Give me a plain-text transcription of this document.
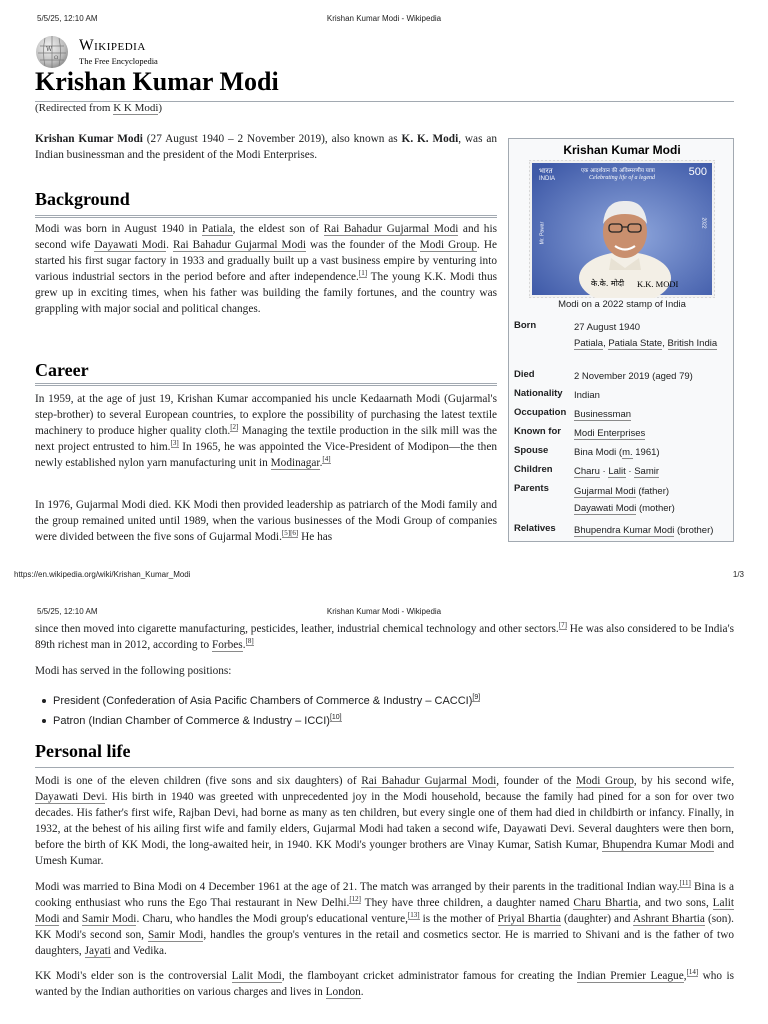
5/5/25, 12:10 AM	Krishan Kumar Modi - Wikipedia
W
Ω
Wikipedia
The Free Encyclopedia
Krishan Kumar Modi
(Redirected from K K Modi)
Krishan Kumar Modi (27 August 1940 – 2 November 2019), also known as K. K. Modi, was an Indian businessman and the president of the Modi Enterprises.
Background
Modi was born in August 1940 in Patiala, the eldest son of Rai Bahadur Gujarmal Modi and his second wife Dayawati Modi. Rai Bahadur Gujarmal Modi was the founder of the Modi Group. He started his first sugar factory in 1933 and gradually built up a vast business empire by venturing into various industrial sectors in the period before and after independence.[1] The young K.K. Modi thus grew up in exciting times, when his father was building the family fortunes, and the country was grappling with major social and political changes.
Career
In 1959, at the age of just 19, Krishan Kumar accompanied his uncle Kedaarnath Modi (Gujarmal's step-brother) to several European countries, to explore the possibility of purchasing the latest textile machinery to produce higher quality cloth.[2] Managing the textile production in the silk mill was the next project entrusted to him.[3] In 1965, he was appointed the Vice-President of Modipon—the then newly established nylon yarn manufacturing unit in Modinagar.[4]
In 1976, Gujarmal Modi died. KK Modi then provided leadership as patriarch of the Modi family and the group remained united until 1989, when the various businesses of the Modi Group of companies were divided between the five sons of Gujarmal Modi.[5][6] He has
Krishan Kumar Modi
भारत
INDIA
एक आदर्शवान की अविस्मरणीय यात्रा
Celebrating life of a legend	500
2022
Mr. Pawar
के.के. मोदी K.K. MODI
Modi on a 2022 stamp of India
Born	27 August 1940
Patiala, Patiala State, British India
Died	2 November 2019 (aged 79)
Nationality	Indian
Occupation Businessman
Known for	Modi Enterprises
Spouse	Bina Modi (m. 1961)
Children	Charu · Lalit · Samir
Parents	Gujarmal Modi (father)
Dayawati Modi (mother)
Relatives	Bhupendra Kumar Modi (brother)
https://en.wikipedia.org/wiki/Krishan_Kumar_Modi	1/3
5/5/25, 12:10 AM	Krishan Kumar Modi - Wikipedia
since then moved into cigarette manufacturing, pesticides, leather, industrial chemical technology and other sectors.[7] He was also considered to be India's 89th richest man in 2012, according to Forbes.[8]
Modi has served in the following positions:
President (Confederation of Asia Pacific Chambers of Commerce & Industry – CACCI)[9]
Patron (Indian Chamber of Commerce & Industry – ICCI)[10]
Personal life
Modi is one of the eleven children (five sons and six daughters) of Rai Bahadur Gujarmal Modi, founder of the Modi Group, by his second wife, Dayawati Devi. His birth in 1940 was greeted with unprecedented joy in the Modi household, because the family had pined for a son for over two decades. His father's first wife, Rajban Devi, had borne as many as ten children, but every single one of them had died in childbirth or infancy. Finally, in 1932, at the behest of his ailing first wife and family elders, Gujarmal Modi had taken a second wife, Dayawati Devi. Several daughters were then born, before the birth of KK Modi, the long-awaited heir, in 1940. KK Modi's younger brothers are Vinay Kumar, Satish Kumar, Bhupendra Kumar Modi and Umesh Kumar.
Modi was married to Bina Modi on 4 December 1961 at the age of 21. The match was arranged by their parents in the traditional Indian way.[11] Bina is a cooking enthusiast who runs the Ego Thai restaurant in New Delhi.[12] They have three children, a daughter named Charu Bhartia, and two sons, Lalit Modi and Samir Modi. Charu, who handles the Modi group's educational venture,[13] is the mother of Priyal Bhartia (daughter) and Ashrant Bhartia (son). KK Modi's second son, Samir Modi, handles the group's ventures in the retail and cosmetics sector. He is married to Shivani and is the father of two daughters, Jayati and Vedika.
KK Modi's elder son is the controversial Lalit Modi, the flamboyant cricket administrator famous for creating the Indian Premier League,[14] who is wanted by the Indian authorities on various charges and lives in London.
